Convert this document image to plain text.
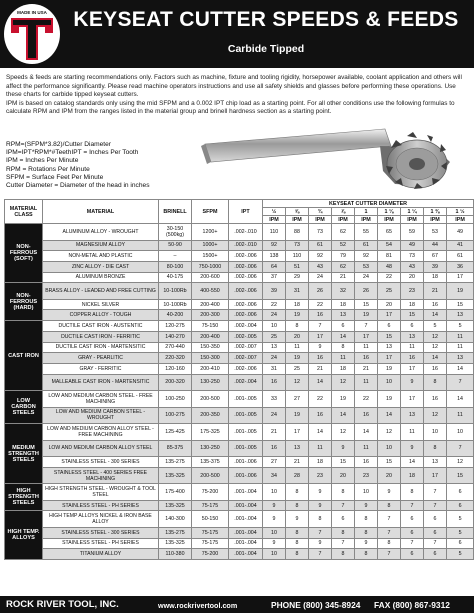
MADE IN USA	KEYSEAT CUTTER SPEEDS & FEEDS
Carbide Tipped

Speeds & feeds are starting recommendations only. Factors such as machine, fixture and tooling rigidity, horsepower available, coolant application and others will affect the performance significantly. Please read machine operators instructions and use all safety shields and glasses before performing these operations. Use these charts for carbide tipped keyseat cutters.

IPM is based on catalog standards only using the mid SFPM and a 0.002 IPT chip load as a starting point. For all other conditions use the following formulas to calculate RPM and IPM from the ranges listed in the material group and brinell hardness section as a starting point.

RPM=(SFPM*3.82)/Cutter Diameter
IPM=IPT*RPM*#TeethIPT = Inches Per Tooth
IPM = Inches Per Minute
RPM = Rotations Per Minute
SFPM = Surface Feet Per Minute
Cutter Diameter = Diameter of the head in inches
MATERIAL CLASS	MATERIAL	BRINELL	SFPM	IPT	KEYSEAT CUTTER DIAMETER								
					½	⅝	¾	⅞	1	1 ⅛	1 ¼	1 ⅜	1 ½
					IPM	IPM	IPM	IPM	IPM	IPM	IPM	IPM	IPM
NON-FERROUS (SOFT)	ALUMINUM ALLOY - WROUGHT	30-150 (500kg)	1200+	.002-.010	110	88	73	62	55	65	59	53	49
	MAGNESIUM ALLOY	50-90	1000+	.002-.010	92	73	61	52	61	54	49	44	41
	NON-METAL AND PLASTIC	–	1500+	.002-.006	138	110	92	79	92	81	73	67	61
	ZINC ALLOY - DIE CAST	80-100	750-1000	.002-.006	64	51	43	62	53	48	43	39	36
	ALUMINUM BRONZE	40-175	200-600	.002-.006	37	29	24	21	24	22	20	18	17
NON-FERROUS (HARD)	BRASS ALLOY - LEADED AND FREE CUTTING	10-100Rb	400-550	.002-.006	39	31	26	32	26	25	23	21	19
	NICKEL SILVER	10-100Rb	200-400	.002-.006	22	18	22	18	15	20	18	16	15
	COPPER ALLOY - TOUGH	40-200	200-300	.002-.006	24	19	16	13	19	17	15	14	13
CAST IRON	DUCTILE CAST IRON - AUSTENTIC	120-275	75-150	.002-.004	10	8	7	6	7	6	6	5	5
	DUCTILE CAST IRON - FERRITIC	140-270	200-400	.002-.005	25	20	17	14	17	15	13	12	11
	DUCTILE CAST IRON - MARTENSITIC	270-440	150-350	.002-.007	13	11	9	8	11	13	11	12	11
	GRAY - PEARLITIC	220-320	150-300	.002-.007	24	19	16	11	16	17	16	14	13
	GRAY - FERRITIC	120-160	200-410	.002-.006	31	25	21	18	21	19	17	16	14
	MALLEABLE CAST IRON - MARTENSITIC	200-320	130-250	.002-.004	16	12	14	12	11	10	9	8	7
LOW CARBON STEELS	LOW AND MEDIUM CARBON STEEL - FREE MACHINING	100-250	200-500	.001-.005	33	27	22	19	22	19	17	16	14
	LOW AND MEDIUM CARBON STEEL - WROUGHT	100-275	200-350	.001-.005	24	19	16	14	16	14	13	12	11
MEDIUM STRENGTH STEELS	LOW AND MEDIUM CARBON ALLOY STEEL - FREE MACHINING	125-425	175-325	.001-.005	21	17	14	12	14	12	11	10	10
	LOW AND MEDIUM CARBON ALLOY STEEL	85-375	130-250	.001-.005	16	13	11	9	11	10	9	8	7
	STAINLESS STEEL - 300 SERIES	135-275	135-375	.001-.006	27	21	18	15	16	15	14	13	12
	STAINLESS STEEL - 400 SERIES FREE MACHINING	135-325	200-500	.001-.006	34	28	23	20	23	20	18	17	15
HIGH STRENGTH STEELS	HIGH STRENGTH STEEL - WROUGHT & TOOL STEEL	175-400	75-200	.001-.004	10	8	9	8	10	9	8	7	6
	STAINLESS STEEL - PH SERIES	135-325	75-175	.001-.004	9	8	9	7	9	8	7	7	6
HIGH TEMP. ALLOYS	HIGH TEMP ALLOYS NICKEL & IRON BASE ALLOY	140-300	50-150	.001-.004	9	9	8	6	8	7	6	6	5
	STAINLESS STEEL - 300 SERIES	135-275	75-175	.001-.004	10	8	7	8	8	7	6	6	5
	STAINLESS STEEL - PH SERIES	135-325	75-175	.001-.004	9	8	9	7	9	8	7	7	6
	TITANIUM ALLOY	110-380	75-200	.001-.004	10	8	7	8	8	7	6	6	5
ROCK RIVER TOOL, INC.	www.rockrivertool.com	PHONE (800) 345-8924 FAX (800) 867-9312
